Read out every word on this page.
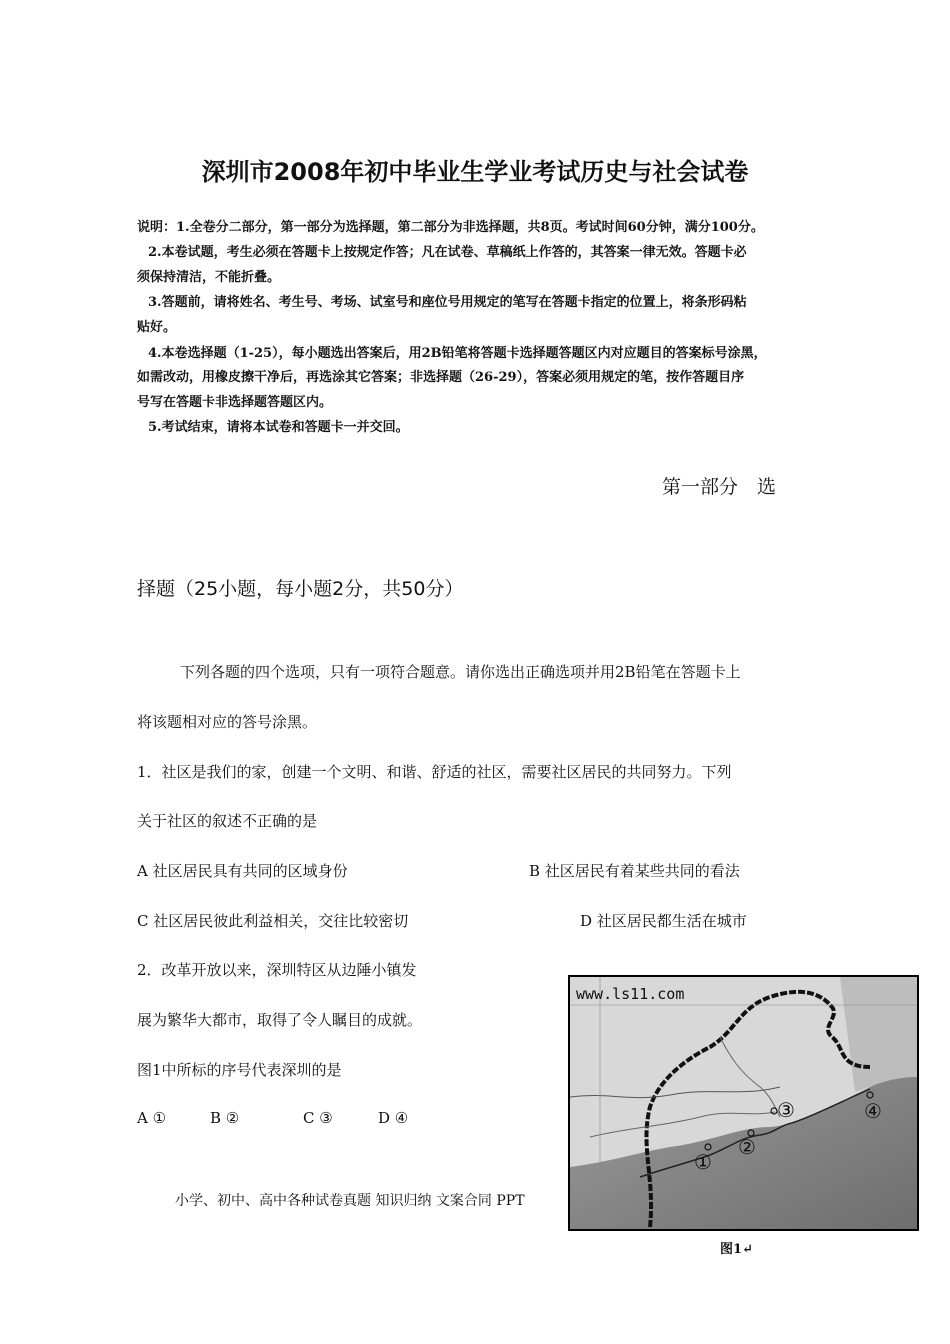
深圳市2008年初中毕业生学业考试历史与社会试卷
说明：1.全卷分二部分，第一部分为选择题，第二部分为非选择题，共8页。考试时间60分钟，满分100分。
2.本卷试题，考生必须在答题卡上按规定作答；凡在试卷、草稿纸上作答的，其答案一律无效。答题卡必
须保持清洁，不能折叠。
3.答题前，请将姓名、考生号、考场、试室号和座位号用规定的笔写在答题卡指定的位置上，将条形码粘
贴好。
4.本卷选择题（1-25），每小题选出答案后，用2B铅笔将答题卡选择题答题区内对应题目的答案标号涂黑，
如需改动，用橡皮擦干净后，再选涂其它答案；非选择题（26-29），答案必须用规定的笔，按作答题目序
号写在答题卡非选择题答题区内。
5.考试结束，请将本试卷和答题卡一并交回。
第一部分　选
择题（25小题，每小题2分，共50分）
下列各题的四个选项，只有一项符合题意。请你选出正确选项并用2B铅笔在答题卡上
将该题相对应的答号涂黑。
1．社区是我们的家，创建一个文明、和谐、舒适的社区，需要社区居民的共同努力。下列
关于社区的叙述不正确的是
A 社区居民具有共同的区域身份	B 社区居民有着某些共同的看法
C 社区居民彼此利益相关，交往比较密切	D 社区居民都生活在城市
2．改革开放以来，深圳特区从边陲小镇发
展为繁华大都市，取得了令人瞩目的成就。
图1中所标的序号代表深圳的是
A ①	B ②	C ③	D ④
小学、初中、高中各种试卷真题 知识归纳 文案合同 PPT
①
②
③	④
www.ls11.com
图1↵
